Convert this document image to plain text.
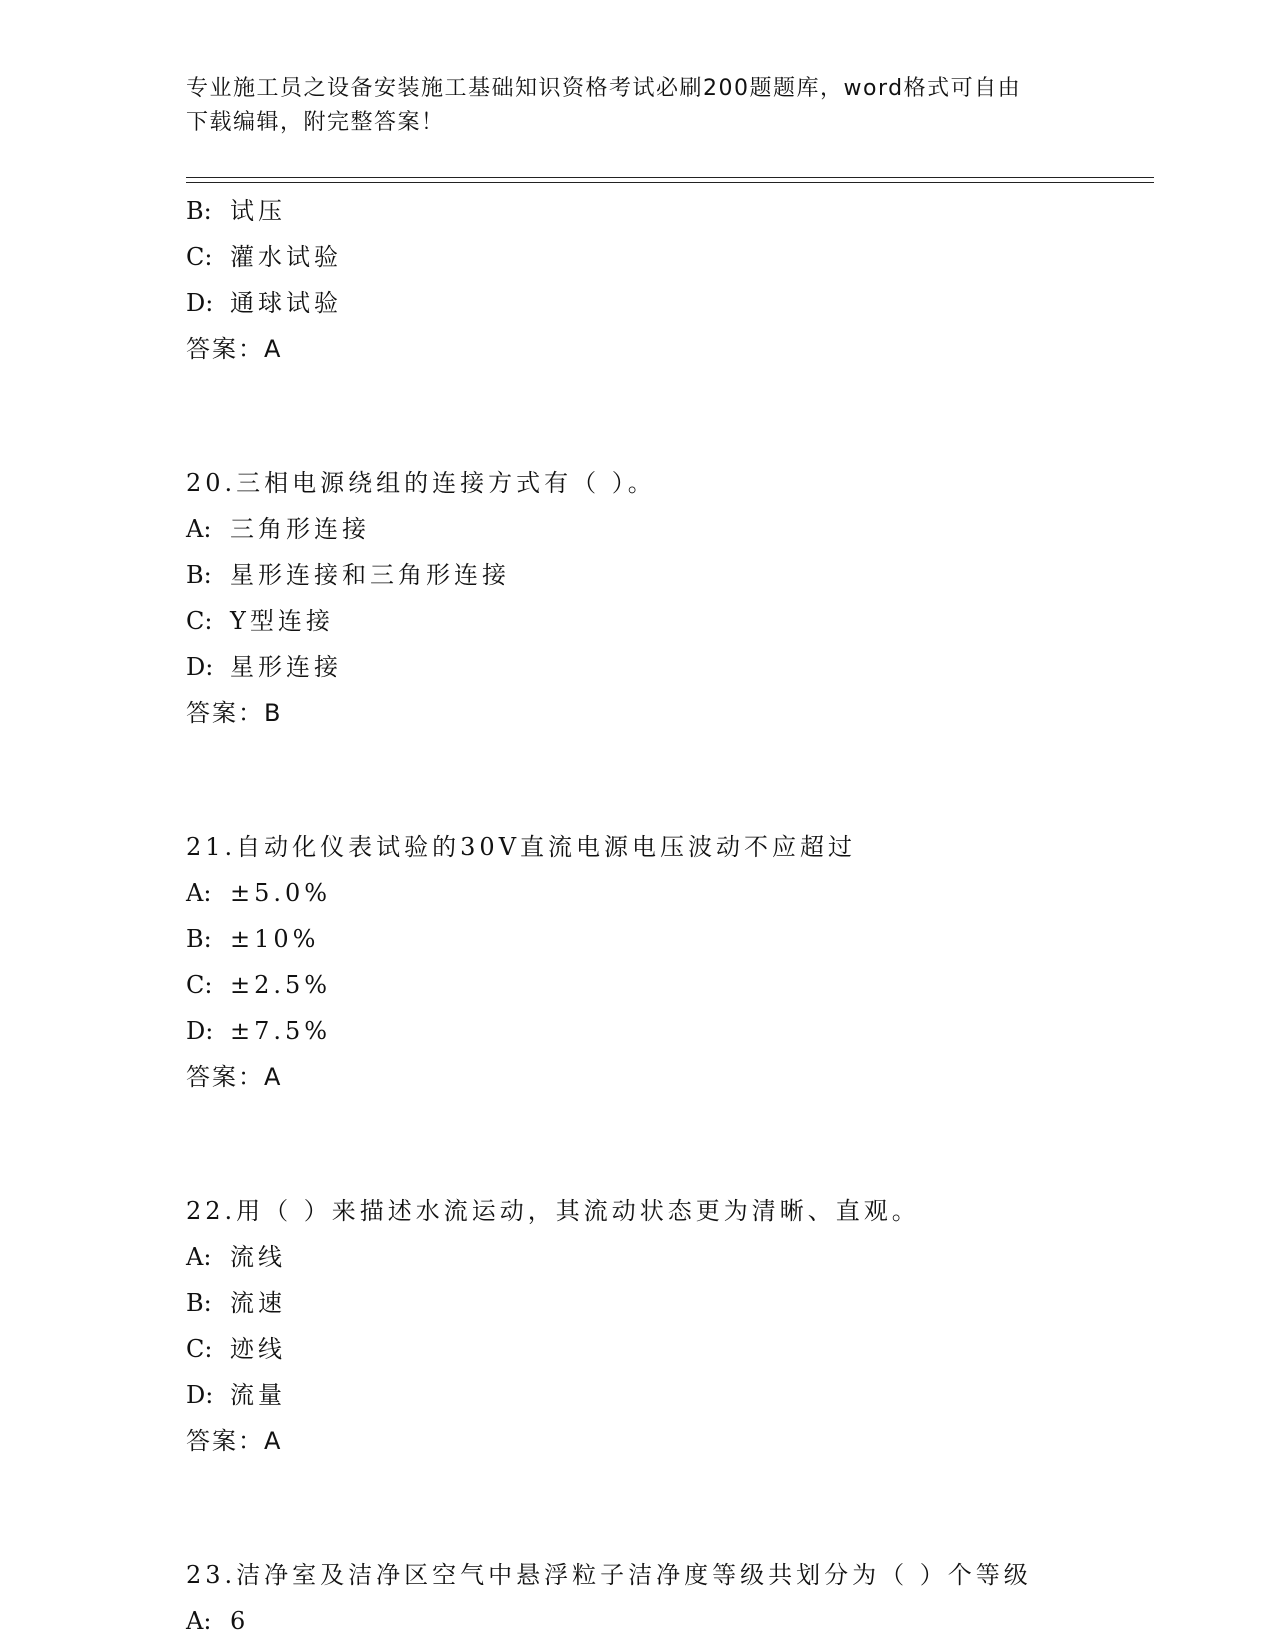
专业施工员之设备安装施工基础知识资格考试必刷200题题库，word格式可自由
下载编辑，附完整答案！
B: 试压
C: 灌水试验
D: 通球试验
答案：A
20.三相电源绕组的连接方式有（ ）。
A: 三角形连接
B: 星形连接和三角形连接
C: Y型连接
D: 星形连接
答案：B
21.自动化仪表试验的30V直流电源电压波动不应超过
A: ±5.0%
B: ±10%
C: ±2.5%
D: ±7.5%
答案：A
22.用（ ）来描述水流运动，其流动状态更为清晰、直观。
A: 流线
B: 流速
C: 迹线
D: 流量
答案：A
23.洁净室及洁净区空气中悬浮粒子洁净度等级共划分为（ ）个等级
A: 6
